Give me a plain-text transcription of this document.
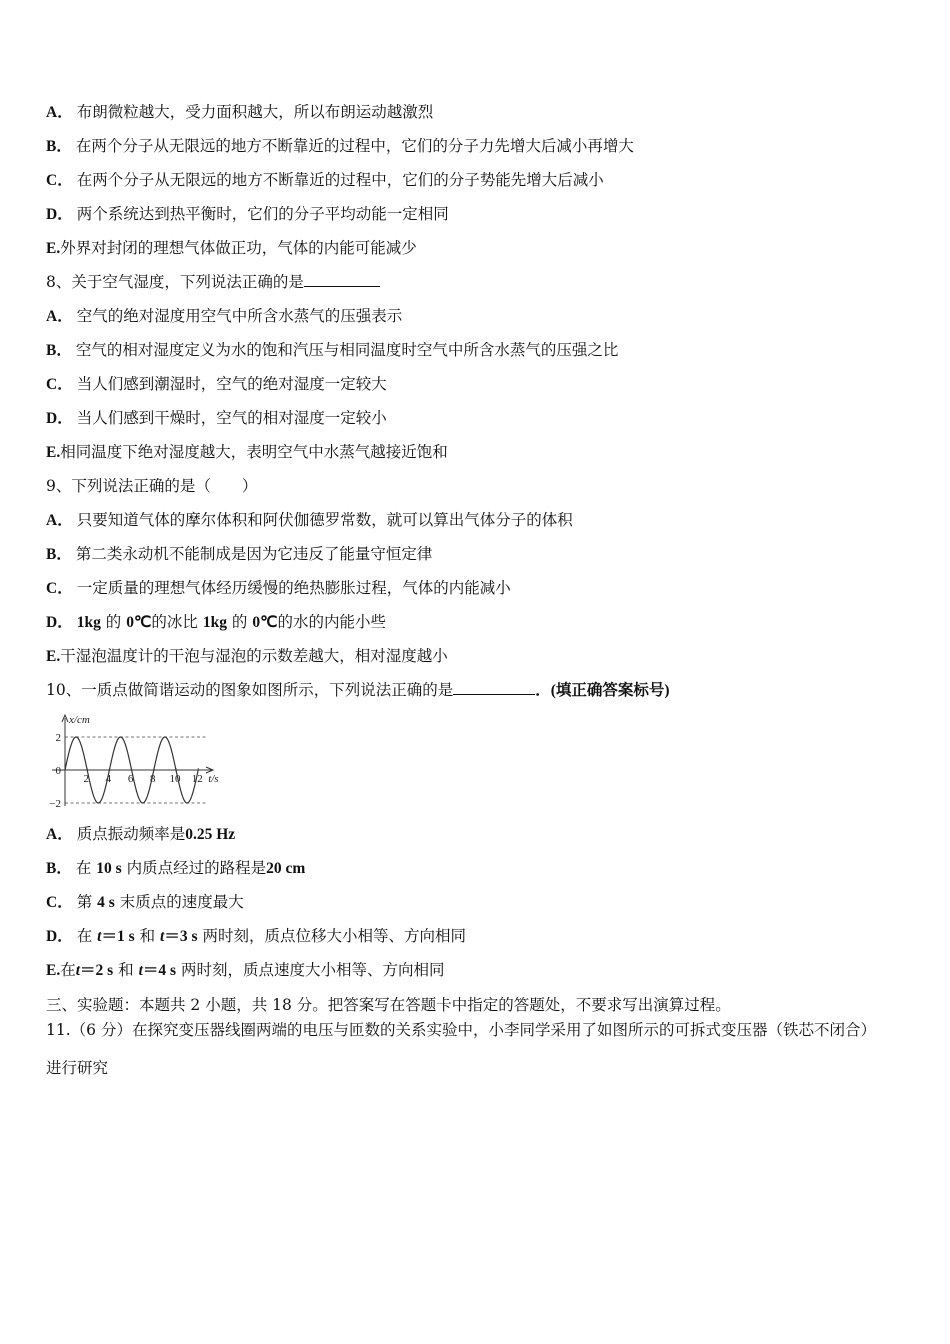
A． 布朗微粒越大，受力面积越大，所以布朗运动越激烈
B． 在两个分子从无限远的地方不断靠近的过程中，它们的分子力先增大后减小再增大
C． 在两个分子从无限远的地方不断靠近的过程中，它们的分子势能先增大后减小
D． 两个系统达到热平衡时，它们的分子平均动能一定相同
E.外界对封闭的理想气体做正功，气体的内能可能减少
8、关于空气湿度，下列说法正确的是
A． 空气的绝对湿度用空气中所含水蒸气的压强表示
B． 空气的相对湿度定义为水的饱和汽压与相同温度时空气中所含水蒸气的压强之比
C． 当人们感到潮湿时，空气的绝对湿度一定较大
D． 当人们感到干燥时，空气的相对湿度一定较小
E.相同温度下绝对湿度越大，表明空气中水蒸气越接近饱和
9、下列说法正确的是（　　）
A． 只要知道气体的摩尔体积和阿伏伽德罗常数，就可以算出气体分子的体积
B． 第二类永动机不能制成是因为它违反了能量守恒定律
C． 一定质量的理想气体经历缓慢的绝热膨胀过程，气体的内能减小
D． 1kg 的 0℃的冰比 1kg 的 0℃的水的内能小些
E.干湿泡温度计的干泡与湿泡的示数差越大，相对湿度越小
10、一质点做简谐运动的图象如图所示，下列说法正确的是	．(填正确答案标号)
2
0
−2
2 4 6 8 10 12
x/cm
t/s
A． 质点振动频率是0.25 Hz
B． 在 10 s 内质点经过的路程是20 cm
C． 第 4 s 末质点的速度最大
D． 在 t＝1 s 和 t＝3 s 两时刻，质点位移大小相等、方向相同
E.在t＝2 s 和 t＝4 s 两时刻，质点速度大小相等、方向相同
三、实验题：本题共 2 小题，共 18 分。把答案写在答题卡中指定的答题处，不要求写出演算过程。
11.（6 分）在探究变压器线圈两端的电压与匝数的关系实验中，小李同学采用了如图所示的可拆式变压器（铁芯不闭合）
进行研究
